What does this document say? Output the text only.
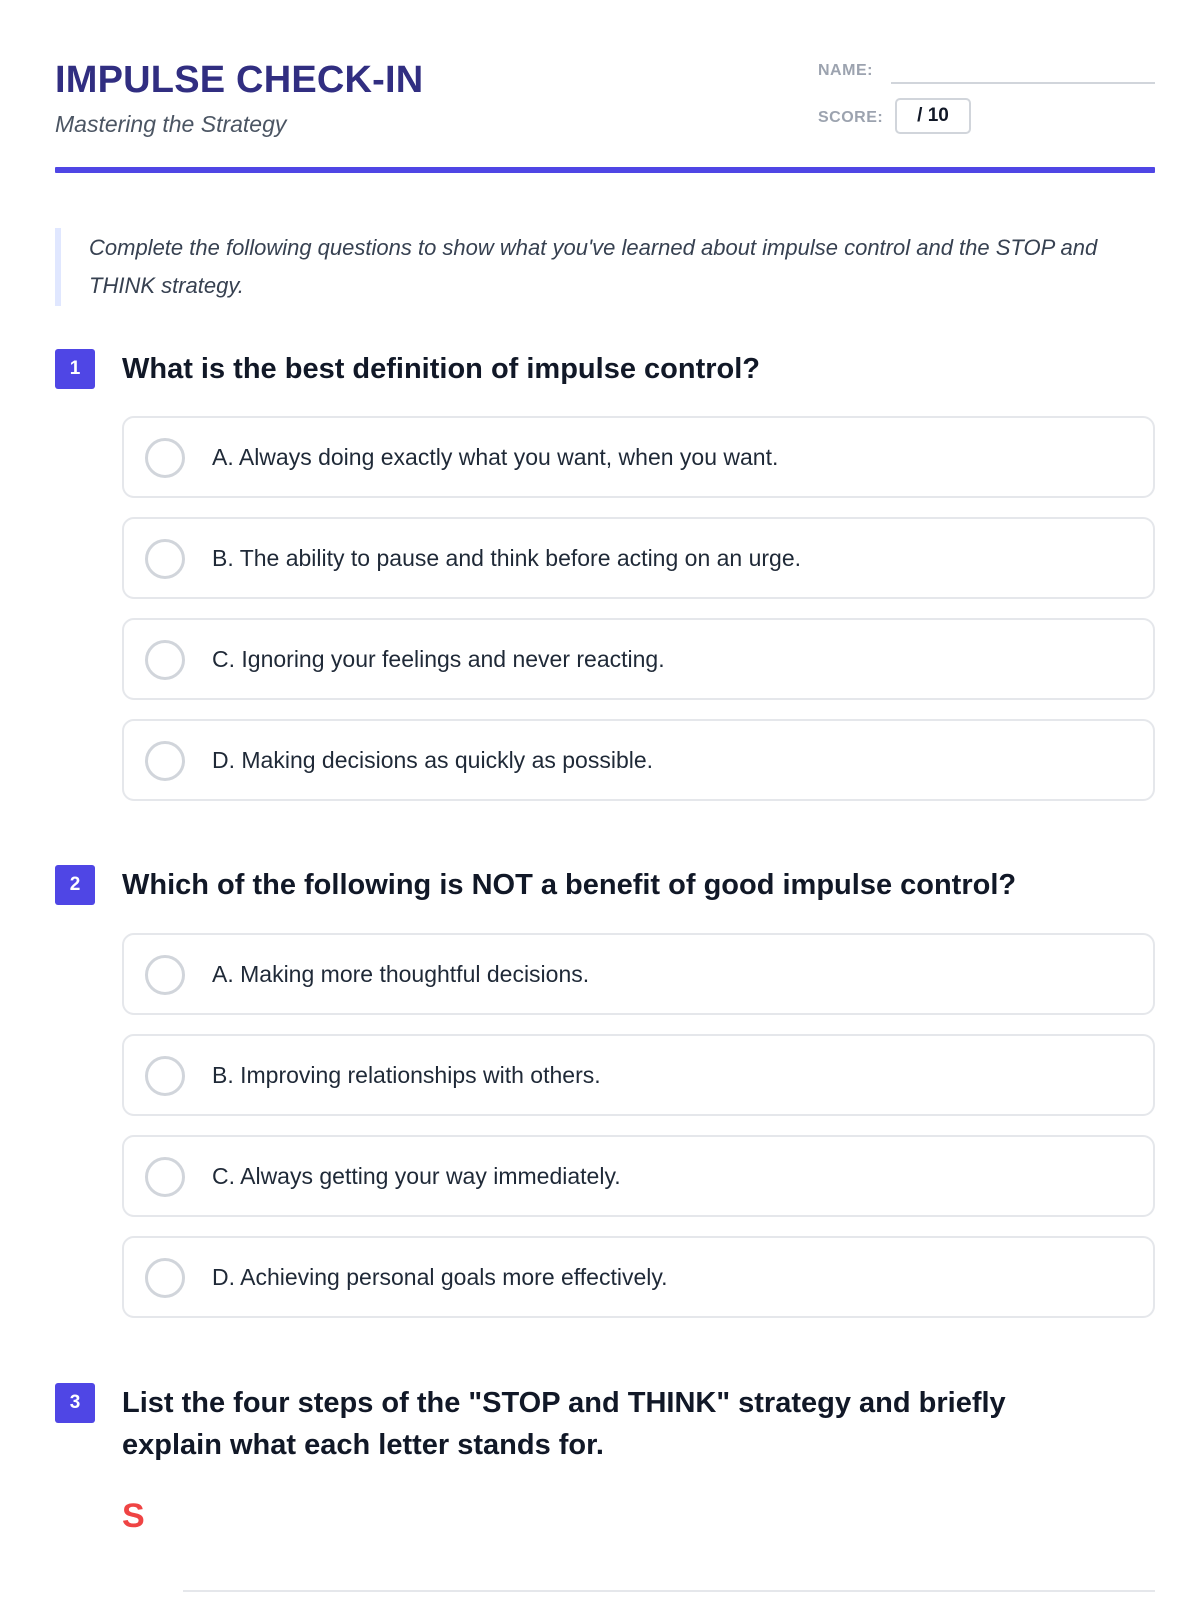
IMPULSE CHECK-IN
Mastering the Strategy
NAME:
SCORE: / 10
Complete the following questions to show what you've learned about impulse control and the STOP and THINK strategy.
1	What is the best definition of impulse control?
A. Always doing exactly what you want, when you want.
B. The ability to pause and think before acting on an urge.
C. Ignoring your feelings and never reacting.
D. Making decisions as quickly as possible.
2	Which of the following is NOT a benefit of good impulse control?
A. Making more thoughtful decisions.
B. Improving relationships with others.
C. Always getting your way immediately.
D. Achieving personal goals more effectively.
3	List the four steps of the "STOP and THINK" strategy and briefly explain what each letter stands for.
S
